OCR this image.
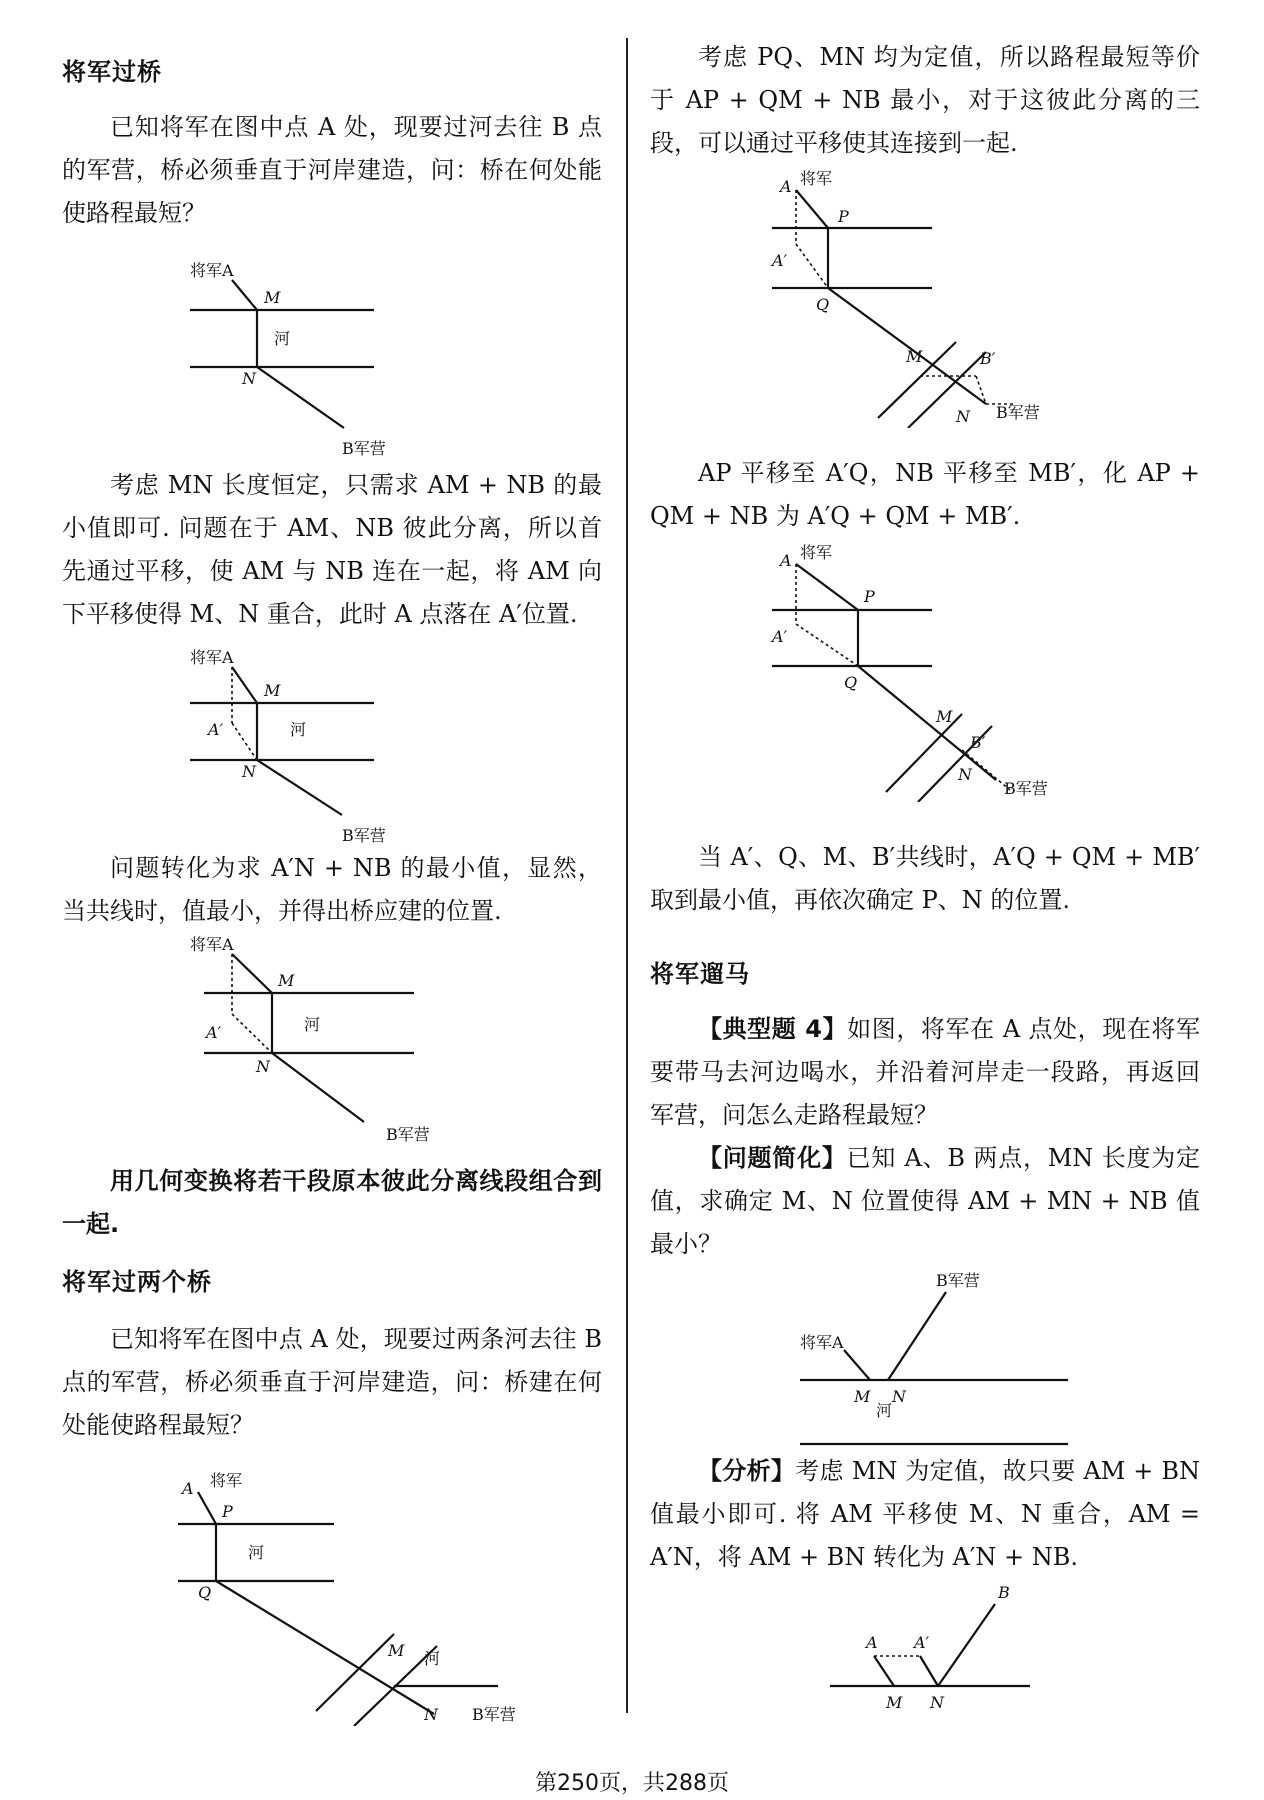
将军过桥

已知将军在图中点 A 处，现要过河去往 B 点的军营，桥必须垂直于河岸建造，问：桥在何处能使路程最短？

将军A
M
河
N
B军营

考虑 MN 长度恒定，只需求 AM + NB 的最小值即可. 问题在于 AM、NB 彼此分离，所以首先通过平移，使 AM 与 NB 连在一起，将 AM 向下平移使得 M、N 重合，此时 A 点落在 A′位置.

将军A
M
河
A′
N
B军营

问题转化为求 A′N + NB 的最小值，显然，当共线时，值最小，并得出桥应建的位置.

将军A
M
河
A′
N
B军营

用几何变换将若干段原本彼此分离线段组合到一起.

将军过两个桥

已知将军在图中点 A 处，现要过两条河去往 B 点的军营，桥必须垂直于河岸建造，问：桥建在何处能使路程最短？

将军
A
P
河
Q
M 河
N B军营

考虑 PQ、MN 均为定值，所以路程最短等价于 AP + QM + NB 最小，对于这彼此分离的三段，可以通过平移使其连接到一起.

A 将军
P
A′
Q
M	B′
N B军营

AP 平移至 A′Q，NB 平移至 MB′，化 AP + QM + NB 为 A′Q + QM + MB′.

A 将军
P
A′
Q
M
B′
N
B军营

当 A′、Q、M、B′共线时，A′Q + QM + MB′取到最小值，再依次确定 P、N 的位置.

将军遛马

【典型题 4】如图，将军在 A 点处，现在将军要带马去河边喝水，并沿着河岸走一段路，再返回军营，问怎么走路程最短？

【问题简化】已知 A、B 两点，MN 长度为定值，求确定 M、N 位置使得 AM + MN + NB 值最小？

将军A
B军营
M N
河

【分析】考虑 MN 为定值，故只要 AM + BN 值最小即可. 将 AM 平移使 M、N 重合，AM = A′N，将 AM + BN 转化为 A′N + NB.

B
A A′
M N
第250页，共288页
